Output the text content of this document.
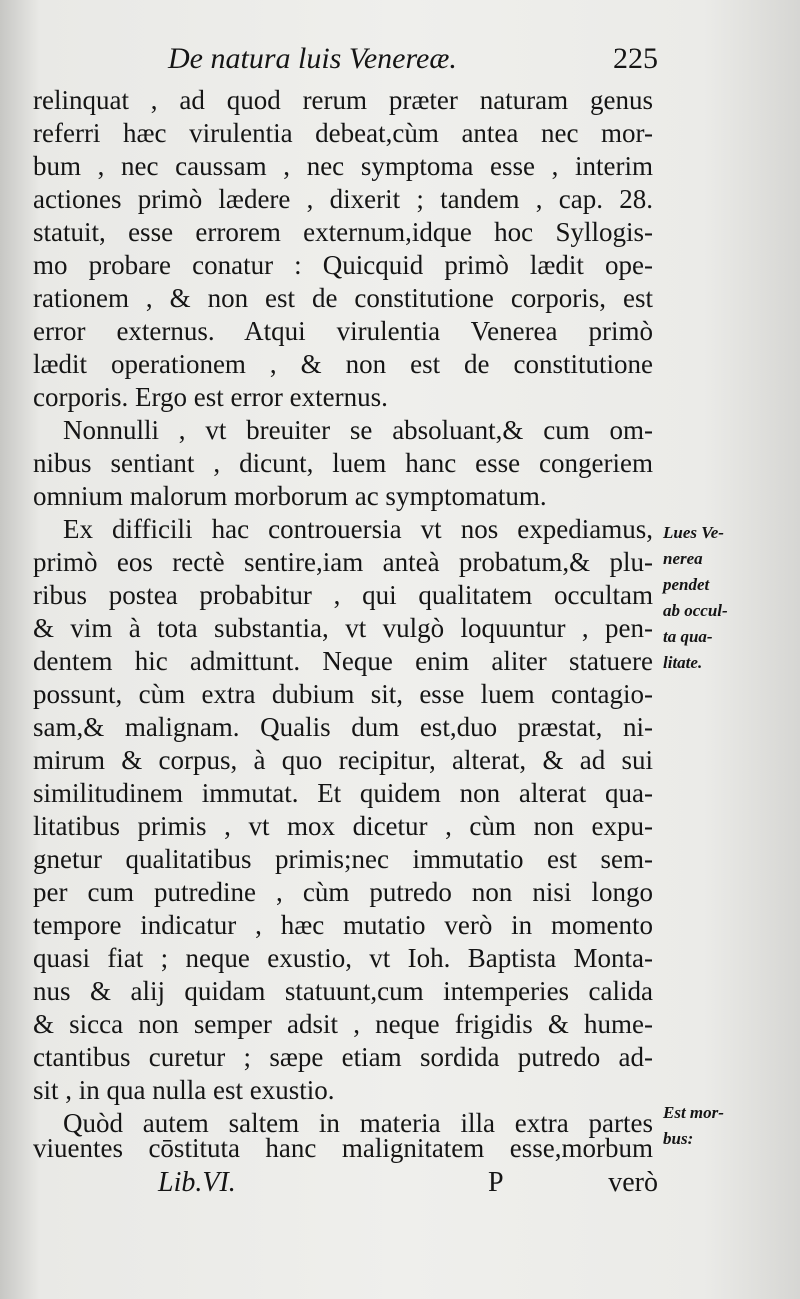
De natura luis Venereæ.	225
relinquat , ad quod rerum præter naturam genus
referri hæc virulentia debeat,cùm antea nec mor-
bum , nec caussam , nec symptoma esse , interim
actiones primò lædere , dixerit ; tandem , cap. 28.
statuit, esse errorem externum,idque hoc Syllogis-
mo probare conatur : Quicquid primò lædit ope-
rationem , & non est de constitutione corporis, est
error externus. Atqui virulentia Venerea primò
lædit operationem , & non est de constitutione
corporis. Ergo est error externus.
Nonnulli , vt breuiter se absoluant,& cum om-
nibus sentiant , dicunt, luem hanc esse congeriem
omnium malorum morborum ac symptomatum.
Ex difficili hac controuersia vt nos expediamus,
primò eos rectè sentire,iam anteà probatum,& plu-
ribus postea probabitur , qui qualitatem occultam
& vim à tota substantia, vt vulgò loquuntur , pen-
dentem hic admittunt. Neque enim aliter statuere
possunt, cùm extra dubium sit, esse luem contagio-
sam,& malignam. Qualis dum est,duo præstat, ni-
mirum & corpus, à quo recipitur, alterat, & ad sui
similitudinem immutat. Et quidem non alterat qua-
litatibus primis , vt mox dicetur , cùm non expu-
gnetur qualitatibus primis;nec immutatio est sem-
per cum putredine , cùm putredo non nisi longo
tempore indicatur , hæc mutatio verò in momento
quasi fiat ; neque exustio, vt Ioh. Baptista Monta-
nus & alij quidam statuunt,cum intemperies calida
& sicca non semper adsit , neque frigidis & hume-
ctantibus curetur ; sæpe etiam sordida putredo ad-
sit , in qua nulla est exustio.
Quòd autem saltem in materia illa extra partes
viuentes cōstituta hanc malignitatem esse,morbum
Lues Ve-
nerea
pendet
ab occul-
ta qua-
litate.
Est mor-
bus:
Lib.VI.	P	verò
